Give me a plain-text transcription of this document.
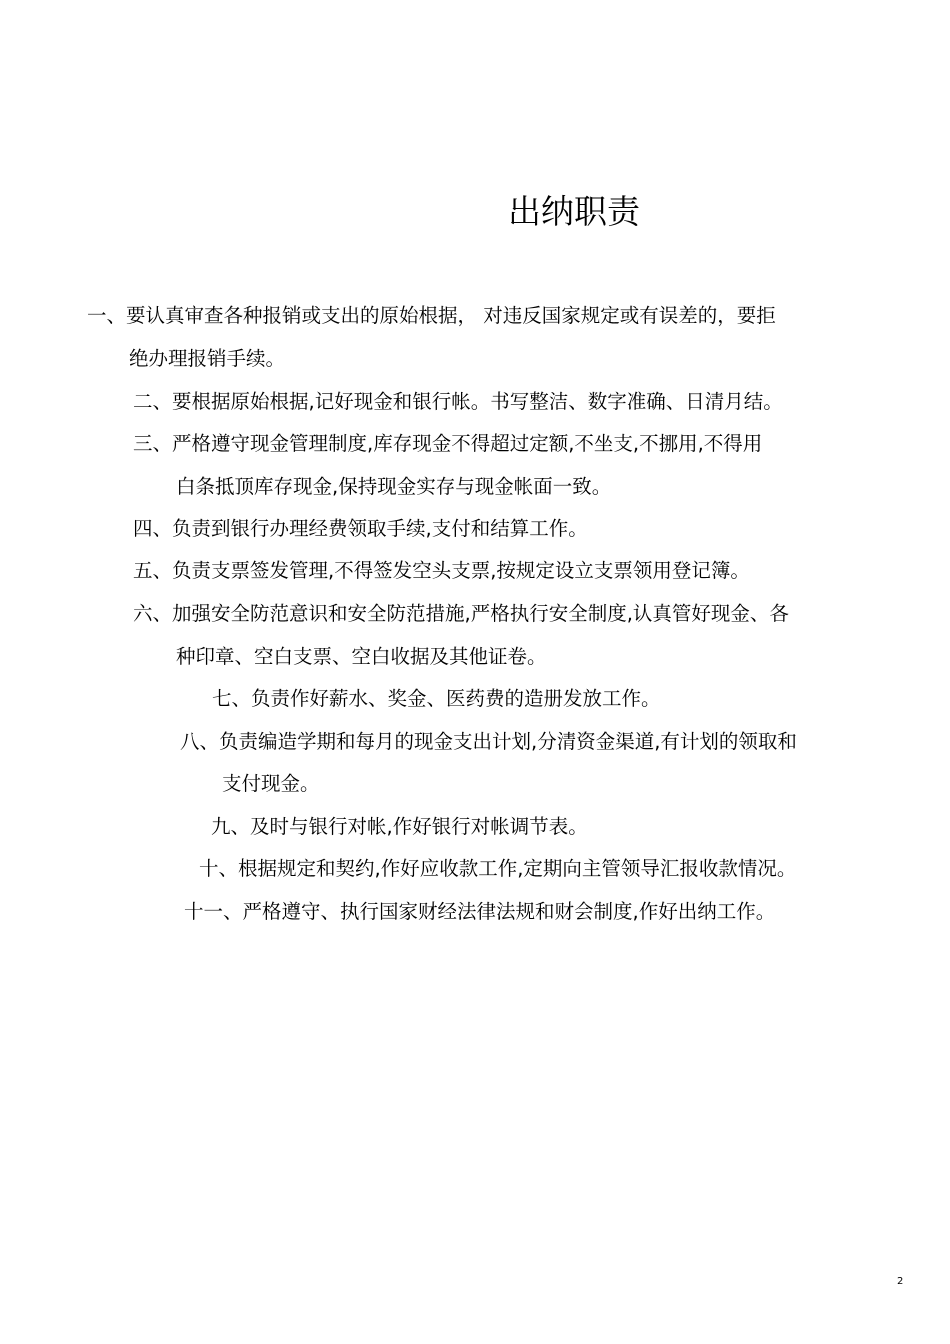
出纳职责
一、要认真审查各种报销或支出的原始根据， 对违反国家规定或有误差的，要拒
绝办理报销手续。
二、要根据原始根据,记好现金和银行帐。书写整洁、数字准确、日清月结。
三、严格遵守现金管理制度,库存现金不得超过定额,不坐支,不挪用,不得用
白条抵顶库存现金,保持现金实存与现金帐面一致。
四、负责到银行办理经费领取手续,支付和结算工作。
五、负责支票签发管理,不得签发空头支票,按规定设立支票领用登记簿。
六、加强安全防范意识和安全防范措施,严格执行安全制度,认真管好现金、各
种印章、空白支票、空白收据及其他证卷。
七、负责作好薪水、奖金、医药费的造册发放工作。
八、负责编造学期和每月的现金支出计划,分清资金渠道,有计划的领取和
支付现金。
九、及时与银行对帐,作好银行对帐调节表。
十、根据规定和契约,作好应收款工作,定期向主管领导汇报收款情况。
十一、严格遵守、执行国家财经法律法规和财会制度,作好出纳工作。
2
